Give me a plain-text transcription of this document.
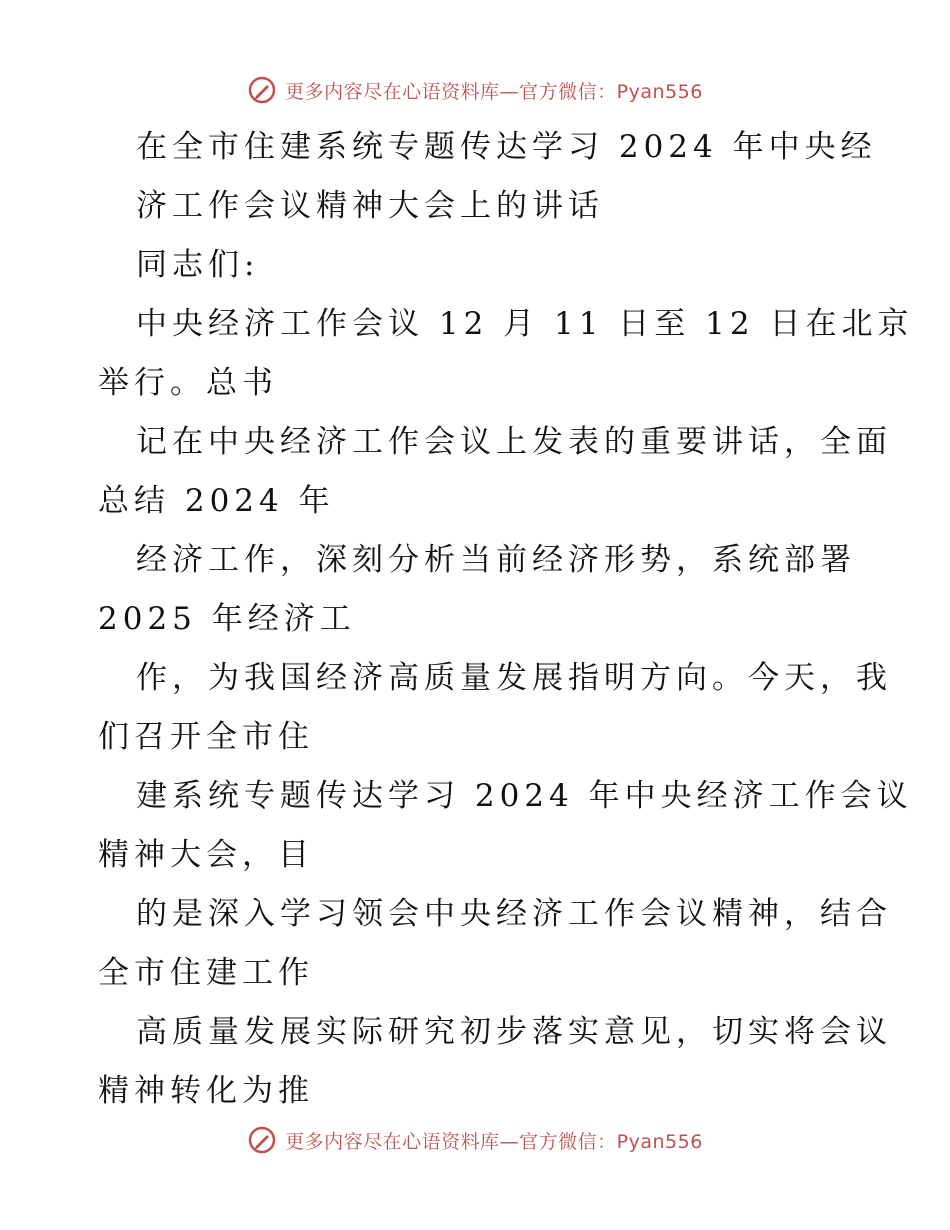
更多内容尽在心语资料库—官方微信：Pyan556
在全市住建系统专题传达学习 2024 年中央经
济工作会议精神大会上的讲话
同志们:
中央经济工作会议 12 月 11 日至 12 日在北京
举行。总书
记在中央经济工作会议上发表的重要讲话，全面
总结 2024 年
经济工作，深刻分析当前经济形势，系统部署
2025 年经济工
作，为我国经济高质量发展指明方向。今天，我
们召开全市住
建系统专题传达学习 2024 年中央经济工作会议
精神大会，目
的是深入学习领会中央经济工作会议精神，结合
全市住建工作
高质量发展实际研究初步落实意见，切实将会议
精神转化为推
更多内容尽在心语资料库—官方微信：Pyan556
